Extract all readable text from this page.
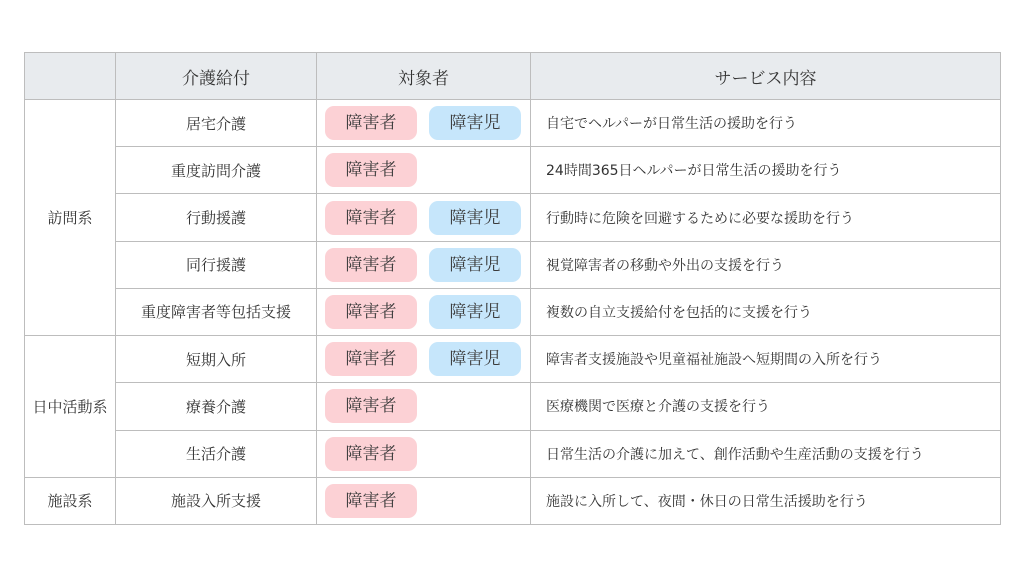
	介護給付	対象者	サービス内容
訪問系	居宅介護	障害者 障害児	自宅でヘルパーが日常生活の援助を行う
	重度訪問介護	障害者	24時間365日ヘルパーが日常生活の援助を行う
	行動援護	障害者 障害児	行動時に危険を回避するために必要な援助を行う
	同行援護	障害者 障害児	視覚障害者の移動や外出の支援を行う
	重度障害者等包括支援	障害者 障害児	複数の自立支援給付を包括的に支援を行う
日中活動系	短期入所	障害者 障害児	障害者支援施設や児童福祉施設へ短期間の入所を行う
	療養介護	障害者	医療機関で医療と介護の支援を行う
	生活介護	障害者	日常生活の介護に加えて、創作活動や生産活動の支援を行う
施設系	施設入所支援	障害者	施設に入所して、夜間・休日の日常生活援助を行う
